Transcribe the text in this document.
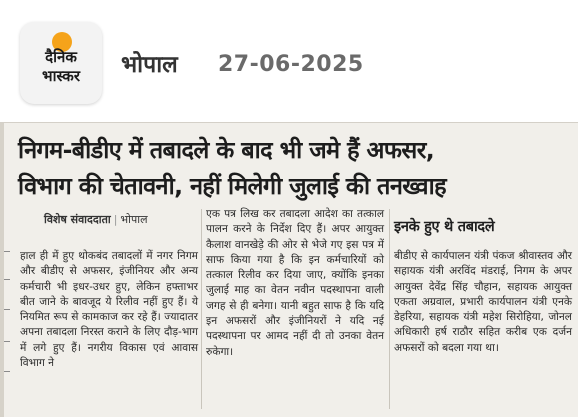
दैनिक
भास्कर	भोपाल 27-06-2025
निगम-बीडीए में तबादले के बाद भी जमे हैं अफसर,
विभाग की चेतावनी, नहीं मिलेगी जुलाई की तनख्वाह
विशेष संवाददाता | भोपाल
हाल ही में हुए थोकबंद तबादलों में नगर निगम और बीडीए से अफसर, इंजीनियर और अन्य कर्मचारी भी इधर-उधर हुए, लेकिन हफ्ताभर बीत जाने के बावजूद ये रिलीव नहीं हुए हैं। ये नियमित रूप से कामकाज कर रहे हैं। ज्यादातर अपना तबादला निरस्त कराने के लिए दौड़-भाग में लगे हुए हैं। नगरीय विकास एवं आवास विभाग ने
एक पत्र लिख कर तबादला आदेश का तत्काल पालन करने के निर्देश दिए हैं। अपर आयुक्त कैलाश वानखेड़े की ओर से भेजे गए इस पत्र में साफ किया गया है कि इन कर्मचारियों को तत्काल रिलीव कर दिया जाए, क्योंकि इनका जुलाई माह का वेतन नवीन पदस्थापना वाली जगह से ही बनेगा। यानी बहुत साफ है कि यदि इन अफसरों और इंजीनियरों ने यदि नई पदस्थापना पर आमद नहीं दी तो उनका वेतन रुकेगा।
इनके हुए थे तबादले
बीडीए से कार्यपालन यंत्री पंकज श्रीवास्तव और सहायक यंत्री अरविंद मंडराई, निगम के अपर आयुक्त देवेंद्र सिंह चौहान, सहायक आयुक्त एकता अग्रवाल, प्रभारी कार्यपालन यंत्री एनके डेहरिया, सहायक यंत्री महेश सिरोहिया, जोनल अधिकारी हर्ष राठौर सहित करीब एक दर्जन अफसरों को बदला गया था।
